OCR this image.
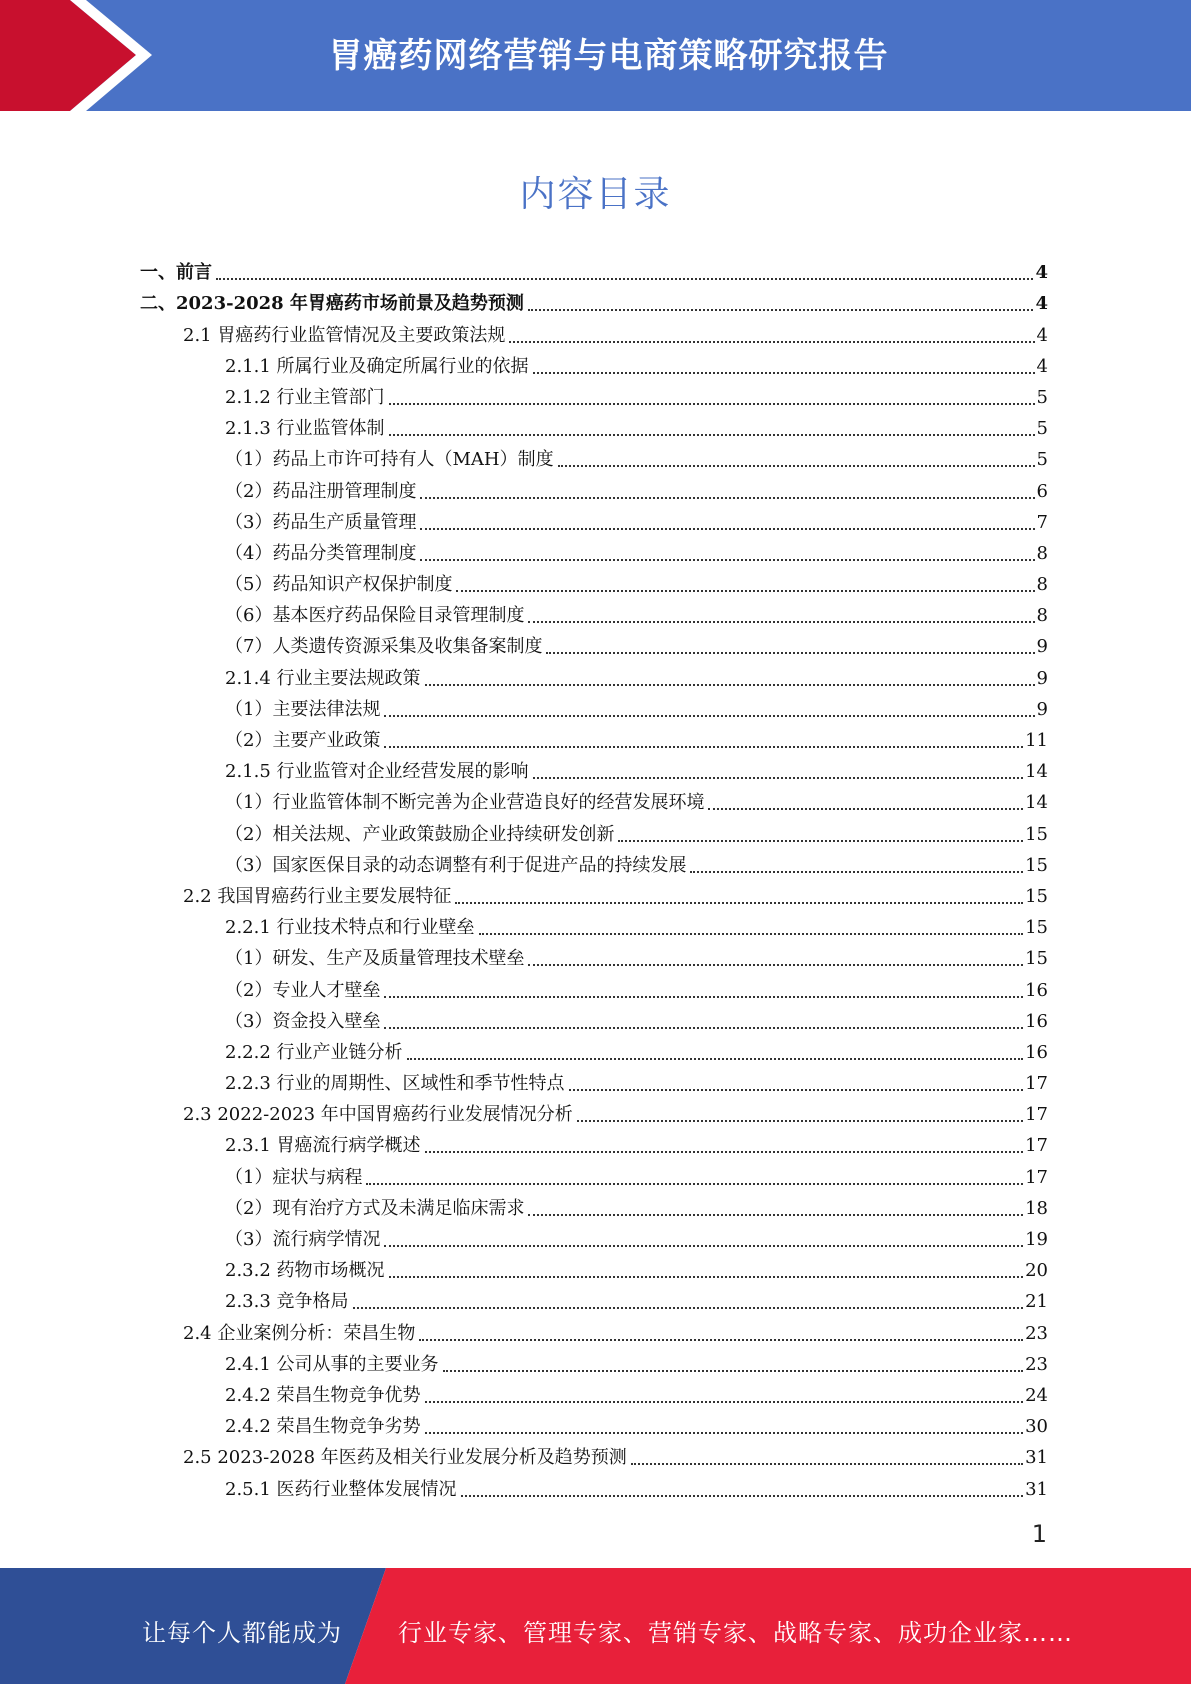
胃癌药网络营销与电商策略研究报告
内容目录
一、前言	4
二、2023-2028 年胃癌药市场前景及趋势预测	4
2.1 胃癌药行业监管情况及主要政策法规	4
2.1.1 所属行业及确定所属行业的依据	4
2.1.2 行业主管部门	5
2.1.3 行业监管体制	5
（1）药品上市许可持有人（MAH）制度	5
（2）药品注册管理制度	6
（3）药品生产质量管理	7
（4）药品分类管理制度	8
（5）药品知识产权保护制度	8
（6）基本医疗药品保险目录管理制度	8
（7）人类遗传资源采集及收集备案制度	9
2.1.4 行业主要法规政策	9
（1）主要法律法规	9
（2）主要产业政策	11
2.1.5 行业监管对企业经营发展的影响	14
（1）行业监管体制不断完善为企业营造良好的经营发展环境	14
（2）相关法规、产业政策鼓励企业持续研发创新	15
（3）国家医保目录的动态调整有利于促进产品的持续发展	15
2.2 我国胃癌药行业主要发展特征	15
2.2.1 行业技术特点和行业壁垒	15
（1）研发、生产及质量管理技术壁垒	15
（2）专业人才壁垒	16
（3）资金投入壁垒	16
2.2.2 行业产业链分析	16
2.2.3 行业的周期性、区域性和季节性特点	17
2.3 2022-2023 年中国胃癌药行业发展情况分析	17
2.3.1 胃癌流行病学概述	17
（1）症状与病程	17
（2）现有治疗方式及未满足临床需求	18
（3）流行病学情况	19
2.3.2 药物市场概况	20
2.3.3 竞争格局	21
2.4 企业案例分析：荣昌生物	23
2.4.1 公司从事的主要业务	23
2.4.2 荣昌生物竞争优势	24
2.4.2 荣昌生物竞争劣势	30
2.5 2023-2028 年医药及相关行业发展分析及趋势预测	31
2.5.1 医药行业整体发展情况	31
1
让每个人都能成为 行业专家、管理专家、营销专家、战略专家、成功企业家……
